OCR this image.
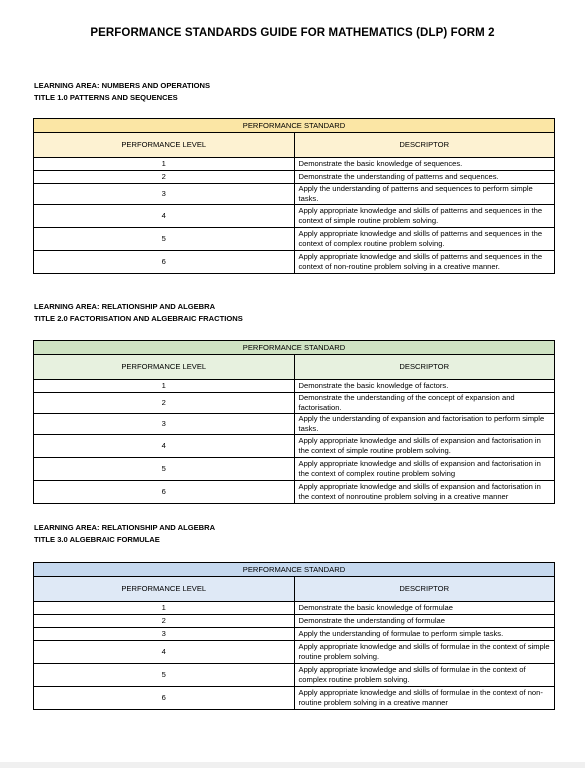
PERFORMANCE STANDARDS GUIDE FOR MATHEMATICS (DLP) FORM 2
LEARNING AREA: NUMBERS AND OPERATIONS
TITLE 1.0 PATTERNS AND SEQUENCES
PERFORMANCE STANDARD	
PERFORMANCE LEVEL	DESCRIPTOR
1	Demonstrate the basic knowledge of sequences.
2	Demonstrate the understanding of patterns and sequences.
3	Apply the understanding of patterns and sequences to perform simple tasks.
4	Apply appropriate knowledge and skills of patterns and sequences in the context of simple routine problem solving.
5	Apply appropriate knowledge and skills of patterns and sequences in the context of complex routine problem solving.
6	Apply appropriate knowledge and skills of patterns and sequences in the context of non-routine problem solving in a creative manner.
LEARNING AREA: RELATIONSHIP AND ALGEBRA
TITLE 2.0 FACTORISATION AND ALGEBRAIC FRACTIONS
PERFORMANCE STANDARD	
PERFORMANCE LEVEL	DESCRIPTOR
1	Demonstrate the basic knowledge of factors.
2	Demonstrate the understanding of the concept of expansion and factorisation.
3	Apply the understanding of expansion and factorisation to perform simple tasks.
4	Apply appropriate knowledge and skills of expansion and factorisation in the context of simple routine problem solving.
5	Apply appropriate knowledge and skills of expansion and factorisation in the context of complex routine problem solving
6	Apply appropriate knowledge and skills of expansion and factorisation in the context of nonroutine problem solving in a creative manner
LEARNING AREA: RELATIONSHIP AND ALGEBRA
TITLE 3.0 ALGEBRAIC FORMULAE
PERFORMANCE STANDARD	
PERFORMANCE LEVEL	DESCRIPTOR
1	Demonstrate the basic knowledge of formulae
2	Demonstrate the understanding of formulae
3	Apply the understanding of formulae to perform simple tasks.
4	Apply appropriate knowledge and skills of formulae in the context of simple routine problem solving.
5	Apply appropriate knowledge and skills of formulae in the context of complex routine problem solving.
6	Apply appropriate knowledge and skills of formulae in the context of non-routine problem solving in a creative manner
